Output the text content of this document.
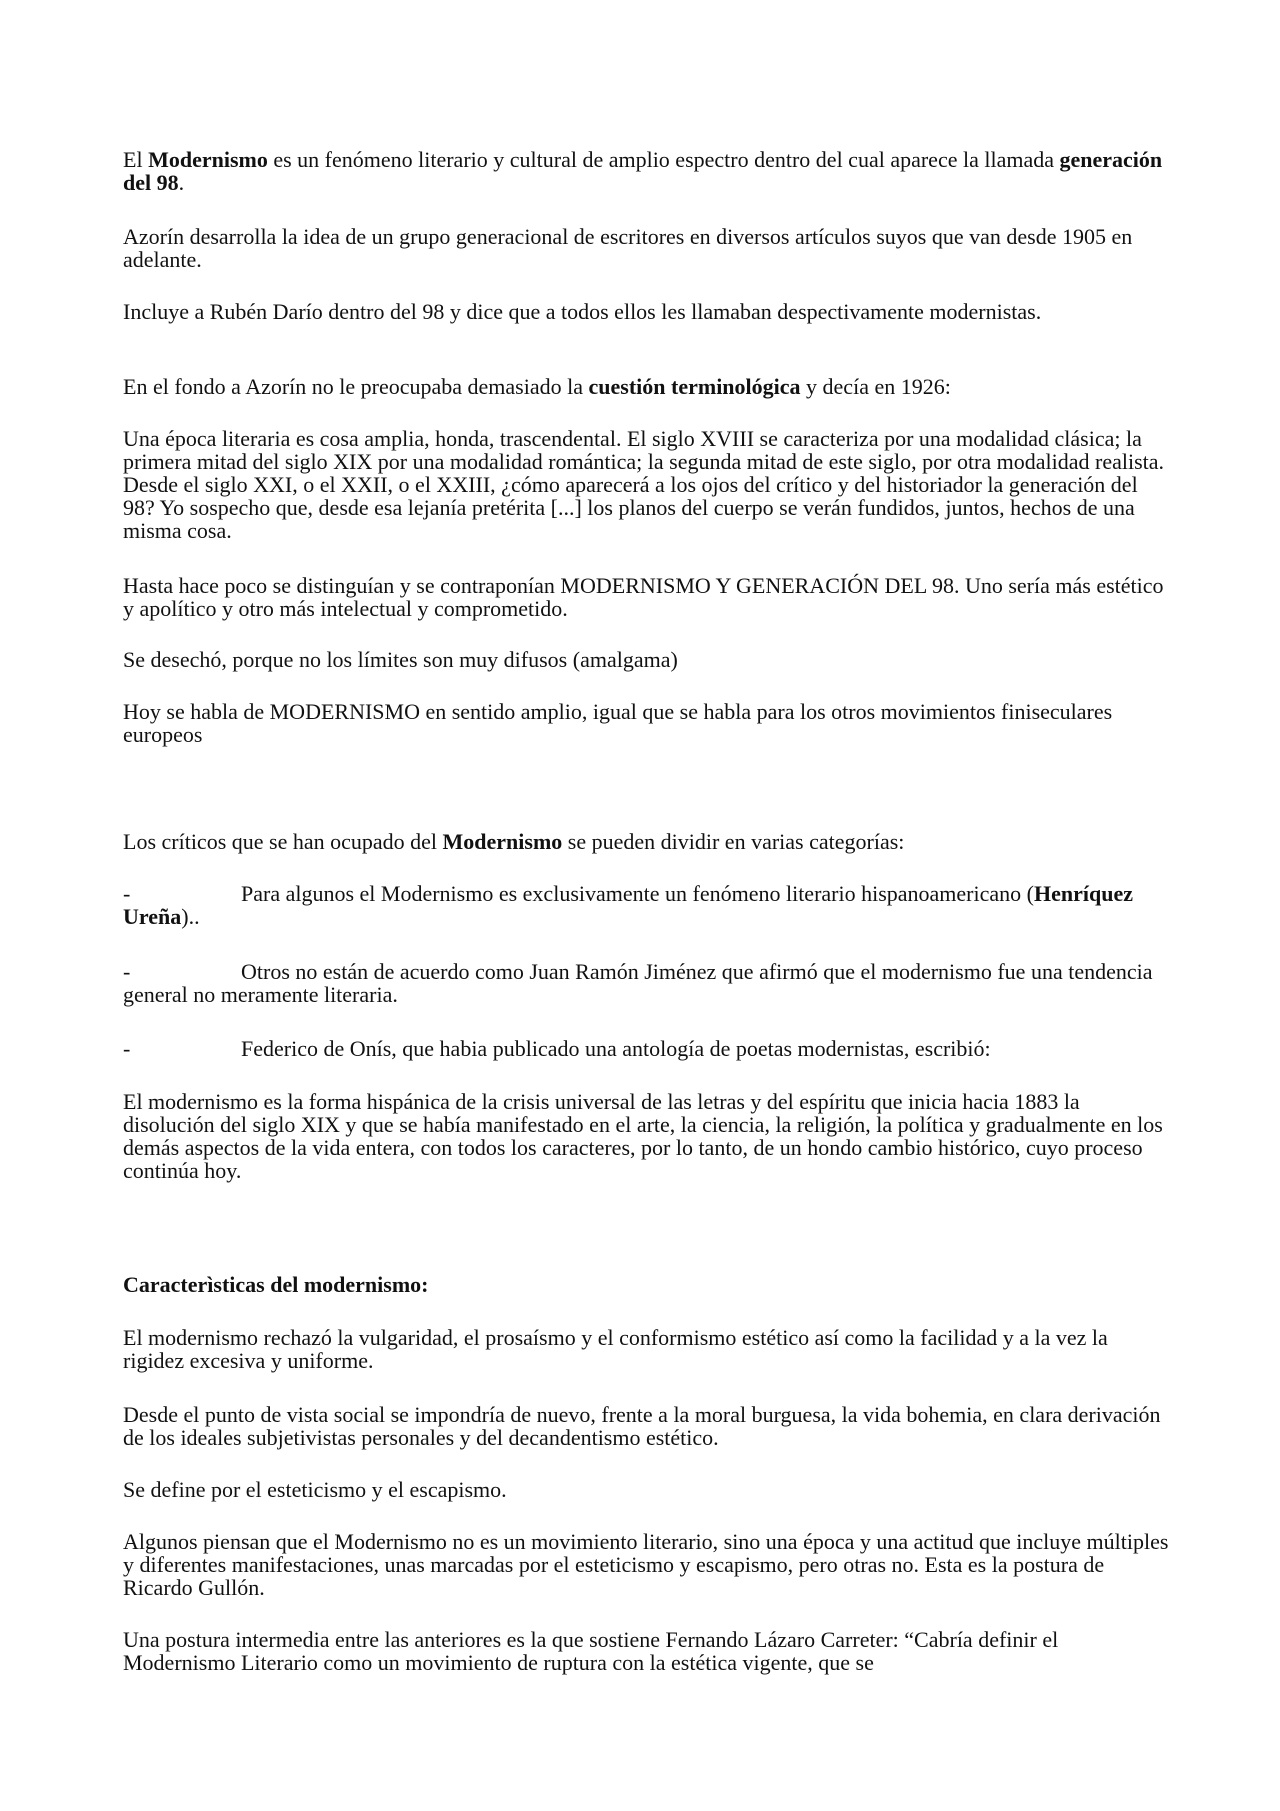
El Modernismo es un fenómeno literario y cultural de amplio espectro dentro del cual aparece la llamada generación del 98.

Azorín desarrolla la idea de un grupo generacional de escritores en diversos artículos suyos que van desde 1905 en adelante.

Incluye a Rubén Darío dentro del 98 y dice que a todos ellos les llamaban despectivamente modernistas.

En el fondo a Azorín no le preocupaba demasiado la cuestión terminológica y decía en 1926:

Una época literaria es cosa amplia, honda, trascendental. El siglo XVIII se caracteriza por una modalidad clásica; la primera mitad del siglo XIX por una modalidad romántica; la segunda mitad de este siglo, por otra modalidad realista. Desde el siglo XXI, o el XXII, o el XXIII, ¿cómo aparecerá a los ojos del crítico y del historiador la generación del 98? Yo sospecho que, desde esa lejanía pretérita [...] los planos del cuerpo se verán fundidos, juntos, hechos de una misma cosa.

Hasta hace poco se distinguían y se contraponían MODERNISMO Y GENERACIÓN DEL 98. Uno sería más estético y apolítico y otro más intelectual y comprometido.

Se desechó, porque no los límites son muy difusos (amalgama)

Hoy se habla de MODERNISMO en sentido amplio, igual que se habla para los otros movimientos finiseculares europeos

Los críticos que se han ocupado del Modernismo se pueden dividir en varias categorías:

-	Para algunos el Modernismo es exclusivamente un fenómeno literario hispanoamericano (Henríquez Ureña)..

-	Otros no están de acuerdo como Juan Ramón Jiménez que afirmó que el modernismo fue una tendencia general no meramente literaria.

-	Federico de Onís, que habia publicado una antología de poetas modernistas, escribió:

El modernismo es la forma hispánica de la crisis universal de las letras y del espíritu que inicia hacia 1883 la disolución del siglo XIX y que se había manifestado en el arte, la ciencia, la religión, la política y gradualmente en los demás aspectos de la vida entera, con todos los caracteres, por lo tanto, de un hondo cambio histórico, cuyo proceso continúa hoy.

Caracterìsticas del modernismo:

El modernismo rechazó la vulgaridad, el prosaísmo y el conformismo estético así como la facilidad y a la vez la rigidez excesiva y uniforme.

Desde el punto de vista social se impondría de nuevo, frente a la moral burguesa, la vida bohemia, en clara derivación de los ideales subjetivistas personales y del decandentismo estético.

Se define por el esteticismo y el escapismo.

Algunos piensan que el Modernismo no es un movimiento literario, sino una época y una actitud que incluye múltiples y diferentes manifestaciones, unas marcadas por el esteticismo y escapismo, pero otras no. Esta es la postura de Ricardo Gullón.

Una postura intermedia entre las anteriores es la que sostiene Fernando Lázaro Carreter: “Cabría definir el Modernismo Literario como un movimiento de ruptura con la estética vigente, que se
